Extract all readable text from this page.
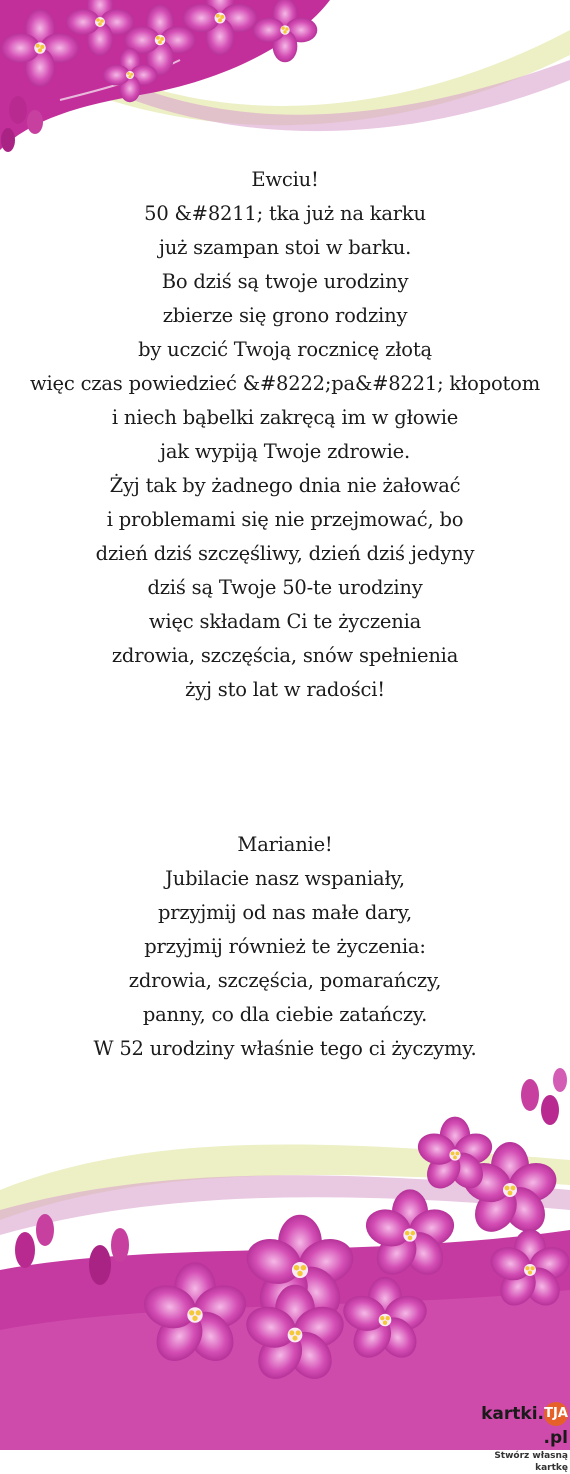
Ewciu!
50 &#8211; tka już na karku
już szampan stoi w barku.
Bo dziś są twoje urodziny
zbierze się grono rodziny
by uczcić Twoją rocznicę złotą
więc czas powiedzieć &#8222;pa&#8221; kłopotom
i niech bąbelki zakręcą im w głowie
jak wypiją Twoje zdrowie.
Żyj tak by żadnego dnia nie żałować
i problemami się nie przejmować, bo
dzień dziś szczęśliwy, dzień dziś jedyny
dziś są Twoje 50-te urodziny
więc składam Ci te życzenia
zdrowia, szczęścia, snów spełnienia
żyj sto lat w radości!
Marianie!
Jubilacie nasz wspaniały,
przyjmij od nas małe dary,
przyjmij również te życzenia:
zdrowia, szczęścia, pomarańczy,
panny, co dla ciebie zatańczy.
W 52 urodziny właśnie tego ci życzymy.
kartki.TJA.pl
Stwórz własną kartkę
